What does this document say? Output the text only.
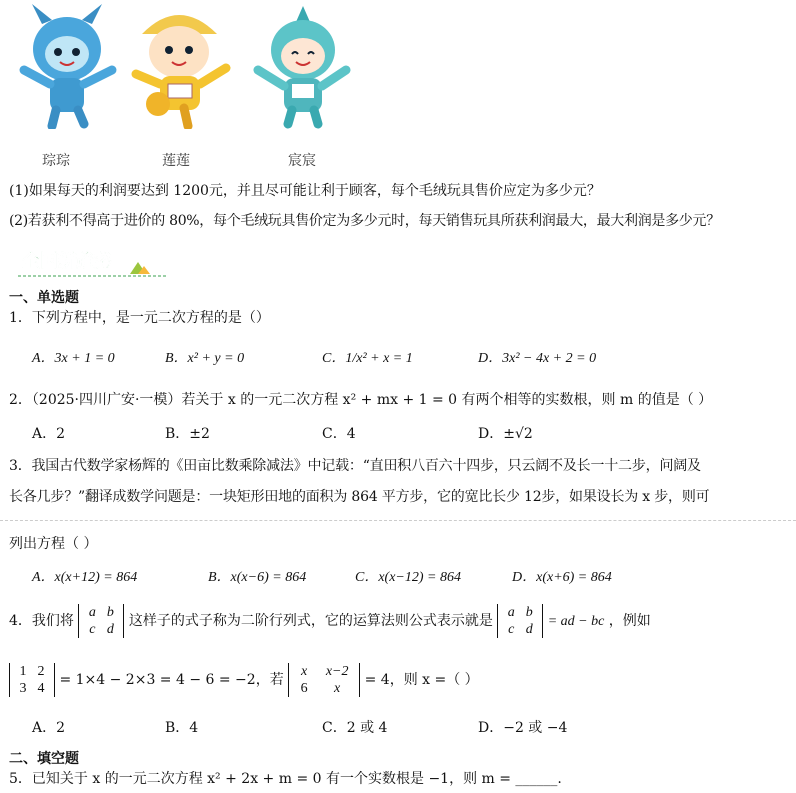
琮琮	莲莲	宸宸
(1)如果每天的利润要达到 1200元，并且尽可能让利于顾客，每个毛绒玩具售价应定为多少元？
(2)若获利不得高于进价的 80%，每个毛绒玩具售价定为多少元时，每天销售玩具所获利润最大，最大利润是多少元？
全国新趋势
一、单选题
1．下列方程中，是一元二次方程的是（）
A．3x + 1 = 0	B．x² + y = 0	C．1/x² + x = 1	D．3x² − 4x + 2 = 0
2．（2025·四川广安·一模）若关于 x 的一元二次方程 x² + mx + 1 = 0 有两个相等的实数根，则 m 的值是（ ）
A．2	B．±2	C．4	D．±√2
3．我国古代数学家杨辉的《田亩比数乘除减法》中记载：“直田积八百六十四步，只云阔不及长一十二步，问阔及
长各几步？”翻译成数学问题是：一块矩形田地的面积为 864 平方步，它的宽比长少 12步，如果设长为 x 步，则可
列出方程（ ）
A．x(x+12) = 864	B．x(x−6) = 864	C．x(x−12) = 864	D．x(x+6) = 864
4．我们将 a b
c d 这样子的式子称为二阶行列式，它的运算法则公式表示就是 a b
c d = ad − bc ，例如
1 2
3 4 = 1×4 − 2×3 = 4 − 6 = −2，若 x x−2
6 x = 4，则 x =（ ）
A．2	B．4	C．2 或 4	D．−2 或 −4
二、填空题
5．已知关于 x 的一元二次方程 x² + 2x + m = 0 有一个实数根是 −1，则 m = ______.
